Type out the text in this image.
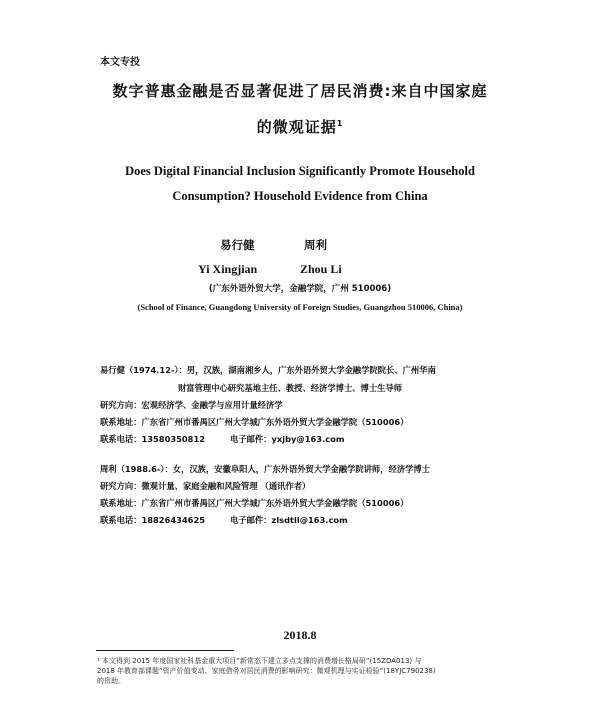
本文专投
数字普惠金融是否显著促进了居民消费:来自中国家庭
的微观证据$^1$
Does Digital Financial Inclusion Significantly Promote Household
Consumption? Household Evidence from China
易行健	周利
Yi Xingjian	Zhou Li
(广东外语外贸大学，金融学院，广州 510006)
(School of Finance, Guangdong University of Foreign Studies, Guangzhou 510006, China)
易行健（1974.12-）：男，汉族，湖南湘乡人，广东外语外贸大学金融学院院长、广州华南
财富管理中心研究基地主任、教授、经济学博士、博士生导师
研究方向：宏观经济学、金融学与应用计量经济学
联系地址：广东省广州市番禺区广州大学城广东外语外贸大学金融学院（510006）
联系电话：13580350812	电子邮件：yxjby@163.com
周利（1988.6-）：女，汉族，安徽阜阳人，广东外语外贸大学金融学院讲师，经济学博士
研究方向：微观计量、家庭金融和风险管理 （通讯作者）
联系地址：广东省广州市番禺区广州大学城广东外语外贸大学金融学院（510006）
联系电话：18826434625	电子邮件：zlsdtll@163.com
2018.8
¹ 本文得到 2015 年度国家社科基金重大项目“新常态下建立多点支撑的消费增长格局研”(15ZDA013) 与
2018 年教育部课题“资产价值变动、家庭借务对居民消费的影响研究：微观机理与实证检验”(18YJC790238)
的资助。
